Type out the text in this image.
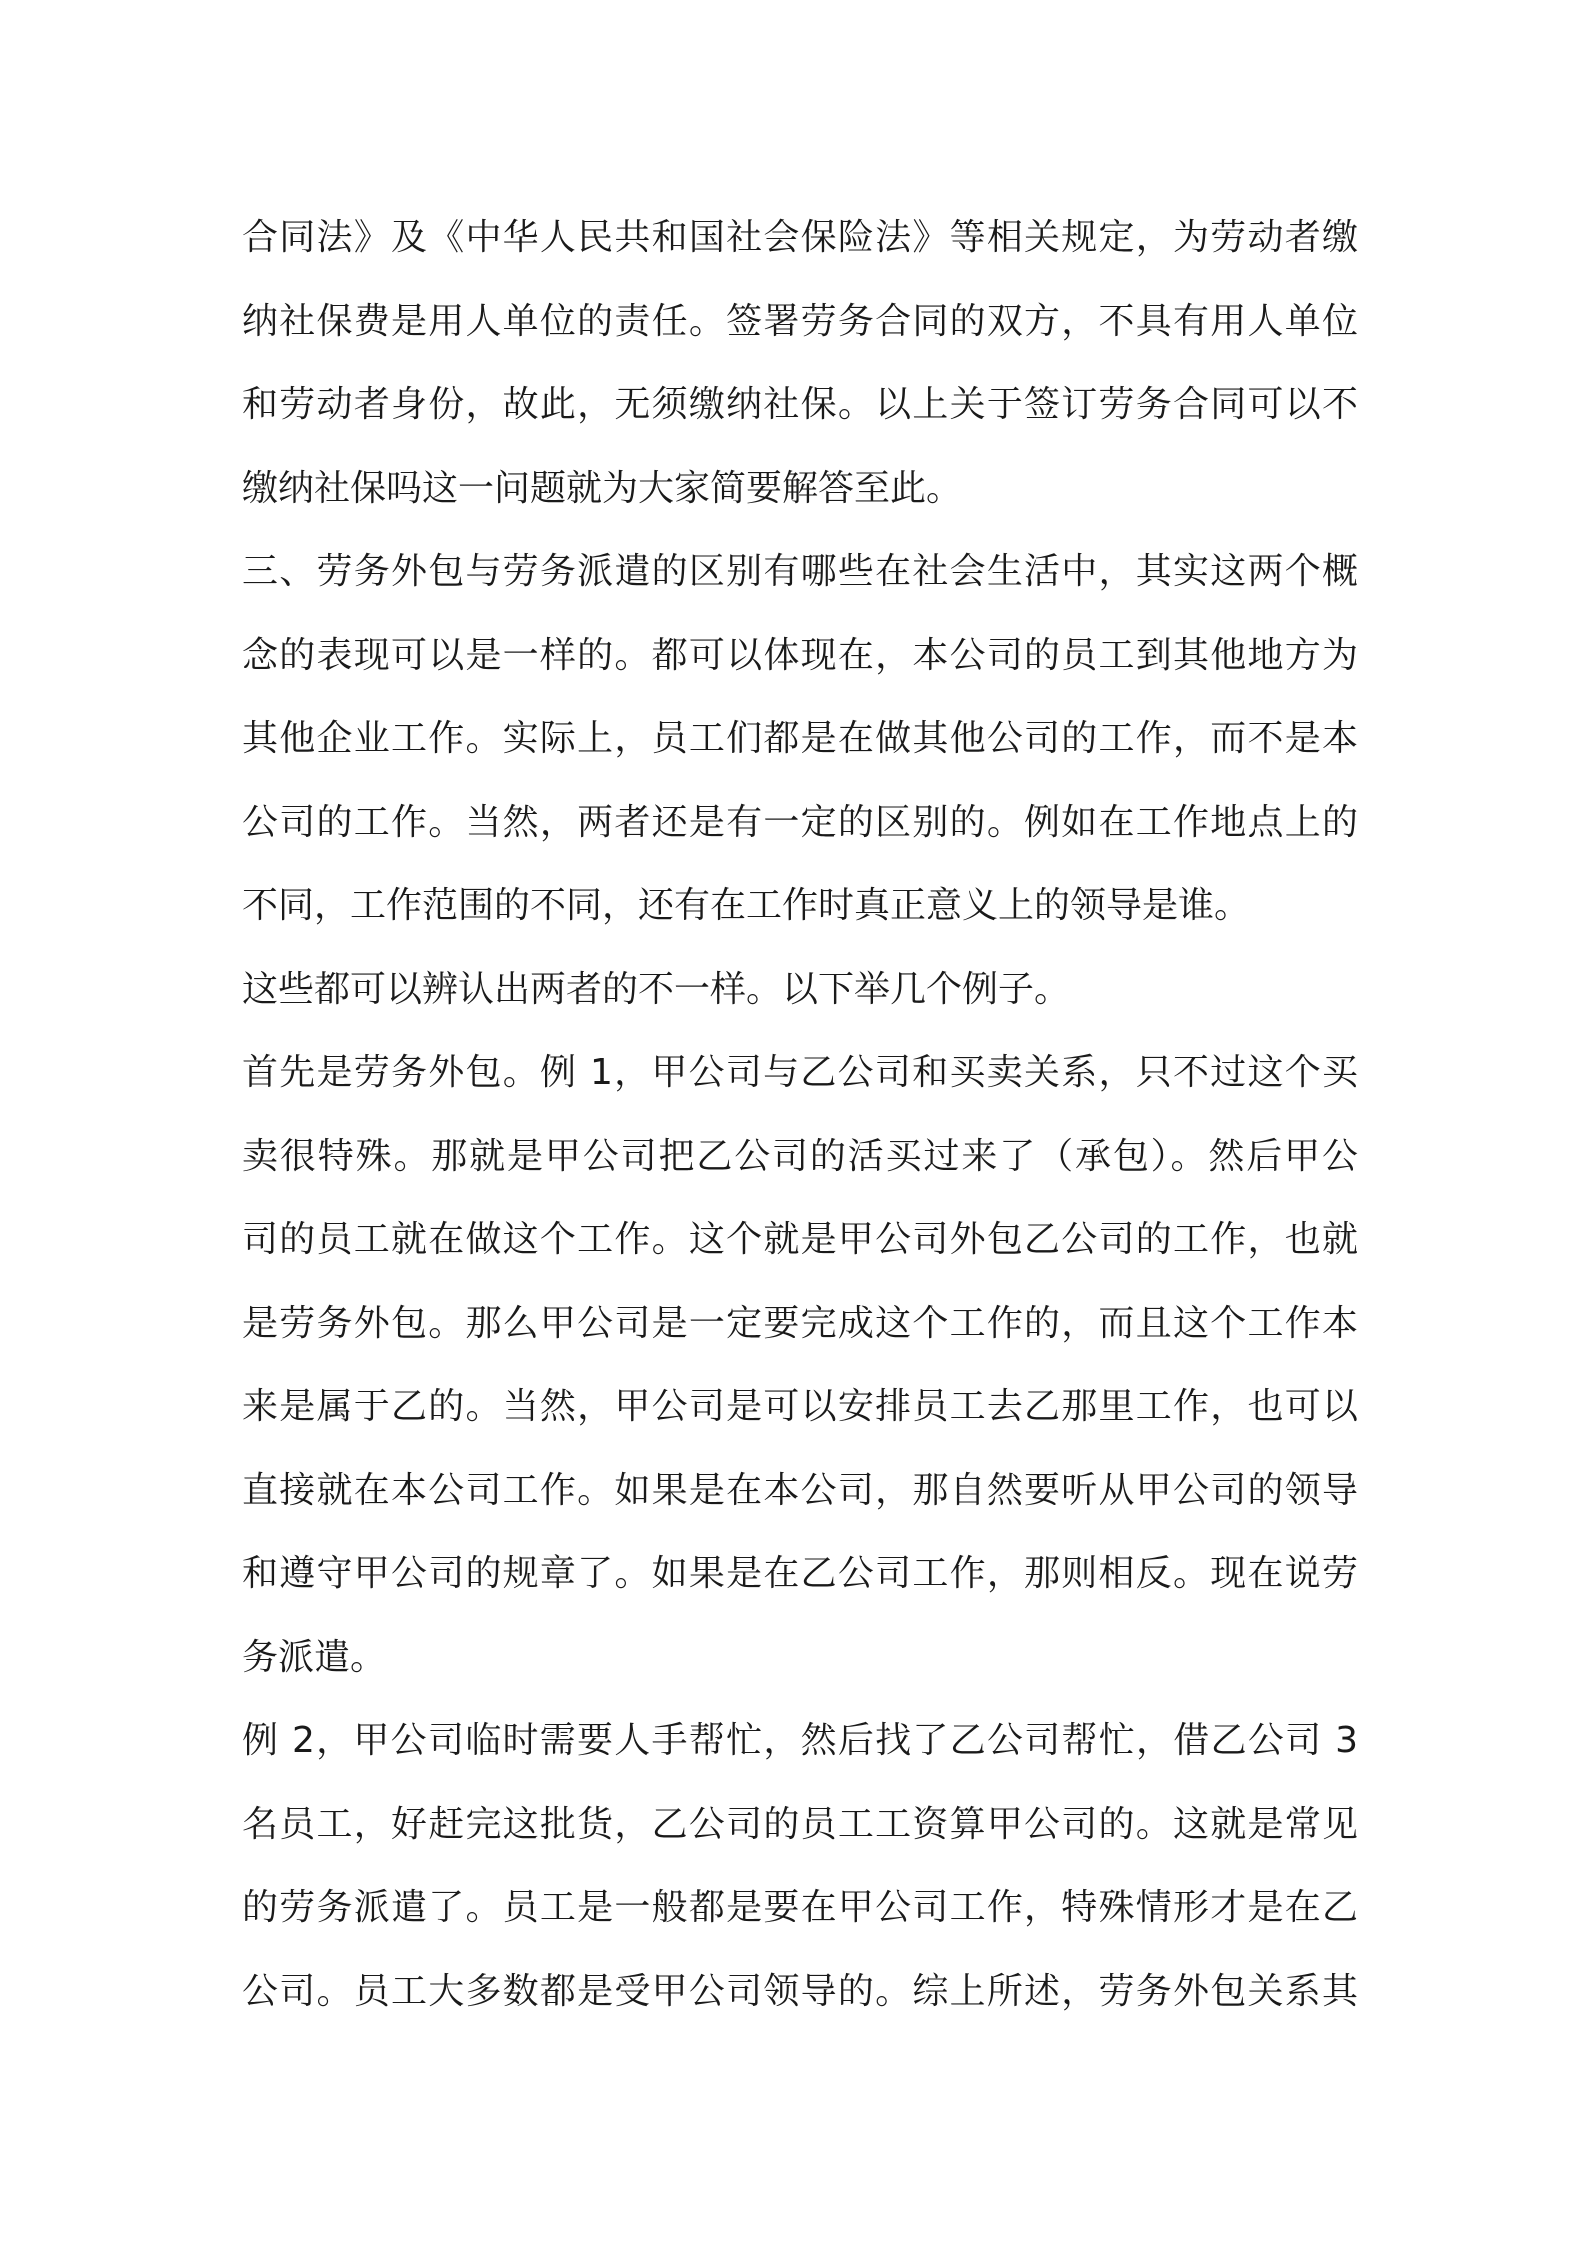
合同法》及《中华人民共和国社会保险法》等相关规定，为劳动者缴
纳社保费是用人单位的责任。签署劳务合同的双方，不具有用人单位
和劳动者身份，故此，无须缴纳社保。以上关于签订劳务合同可以不
缴纳社保吗这一问题就为大家简要解答至此。
三、劳务外包与劳务派遣的区别有哪些在社会生活中，其实这两个概
念的表现可以是一样的。都可以体现在，本公司的员工到其他地方为
其他企业工作。实际上，员工们都是在做其他公司的工作，而不是本
公司的工作。当然，两者还是有一定的区别的。例如在工作地点上的
不同，工作范围的不同，还有在工作时真正意义上的领导是谁。
这些都可以辨认出两者的不一样。以下举几个例子。
首先是劳务外包。例 1，甲公司与乙公司和买卖关系，只不过这个买
卖很特殊。那就是甲公司把乙公司的活买过来了（承包）。然后甲公
司的员工就在做这个工作。这个就是甲公司外包乙公司的工作，也就
是劳务外包。那么甲公司是一定要完成这个工作的，而且这个工作本
来是属于乙的。当然，甲公司是可以安排员工去乙那里工作，也可以
直接就在本公司工作。如果是在本公司，那自然要听从甲公司的领导
和遵守甲公司的规章了。如果是在乙公司工作，那则相反。现在说劳
务派遣。
例 2，甲公司临时需要人手帮忙，然后找了乙公司帮忙，借乙公司 3
名员工，好赶完这批货，乙公司的员工工资算甲公司的。这就是常见
的劳务派遣了。员工是一般都是要在甲公司工作，特殊情形才是在乙
公司。员工大多数都是受甲公司领导的。综上所述，劳务外包关系其
